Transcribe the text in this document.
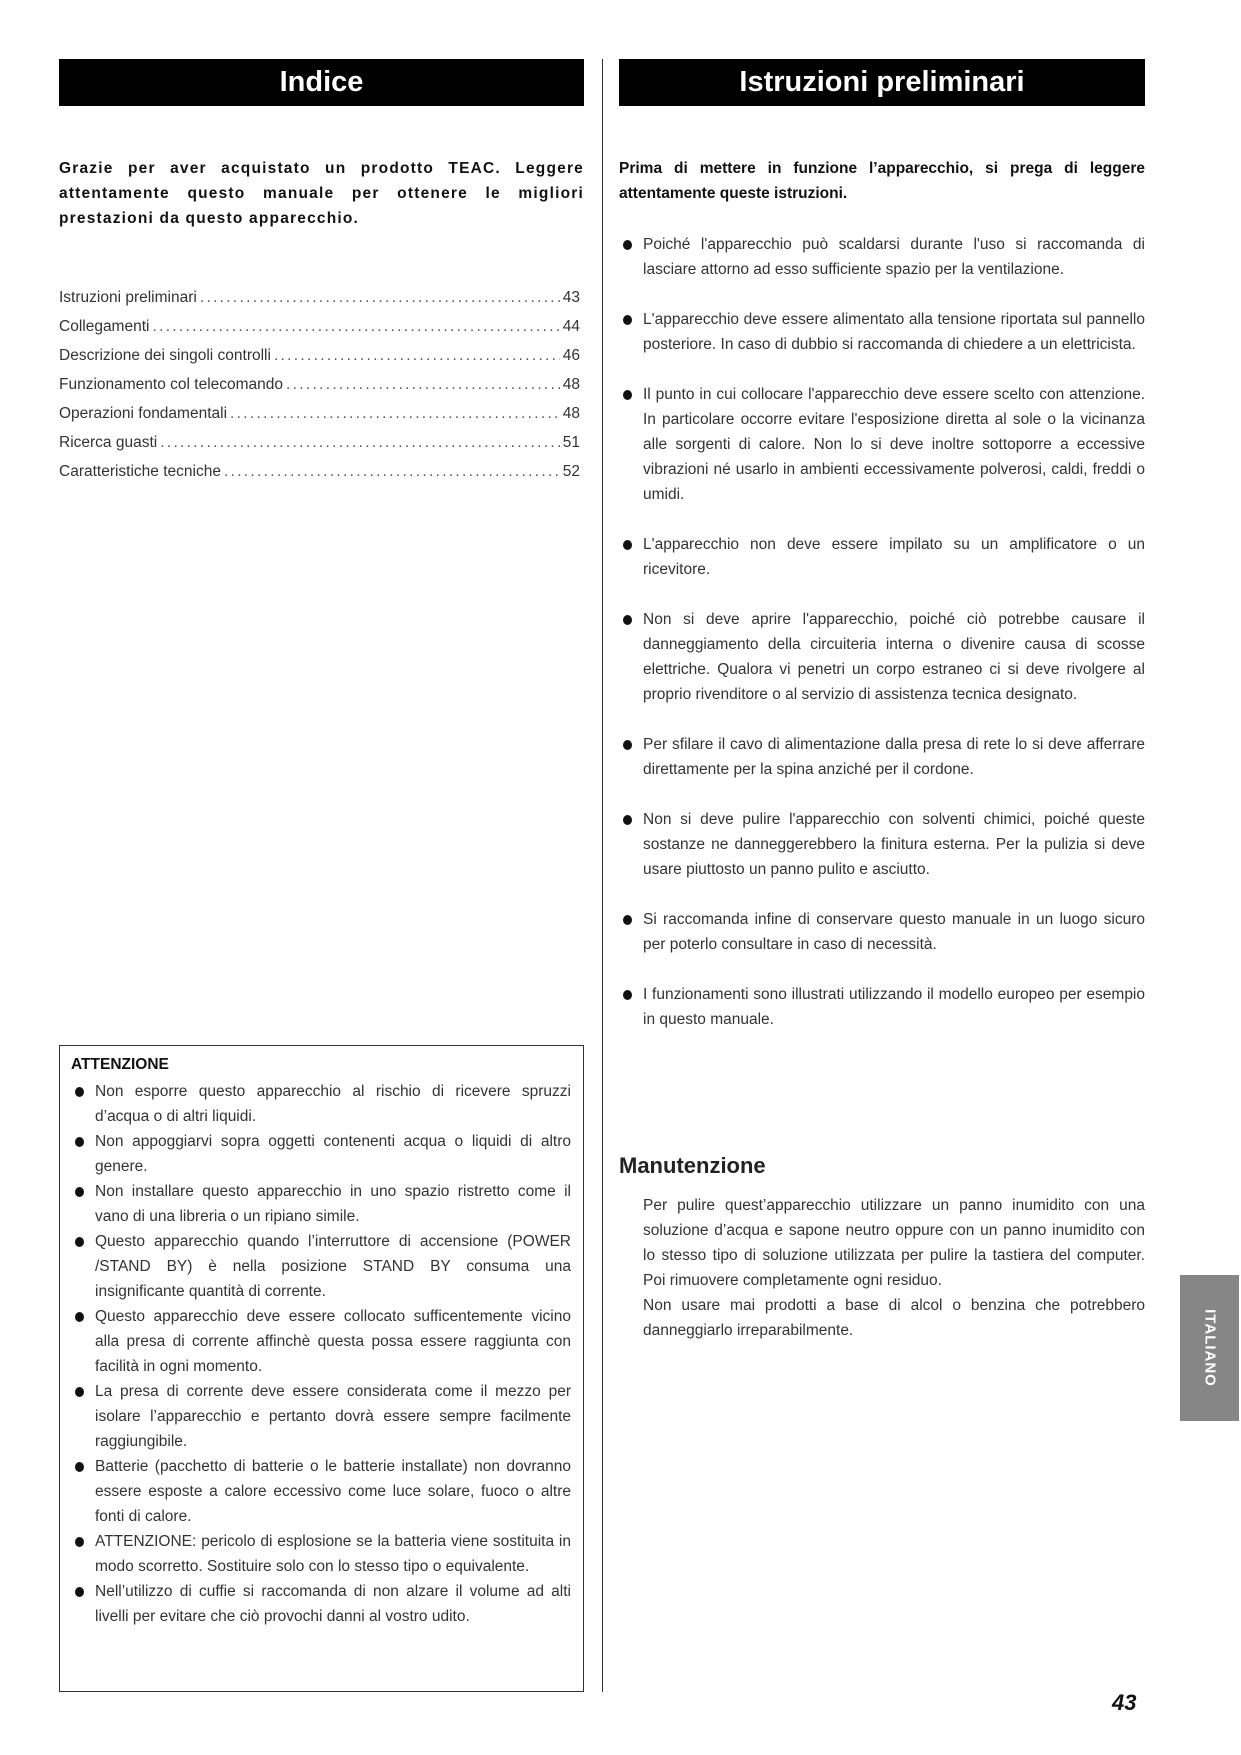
Indice	Istruzioni preliminari
Grazie per aver acquistato un prodotto TEAC. Leggere attentamente questo manuale per ottenere le migliori prestazioni da questo apparecchio.
Prima di mettere in funzione l’apparecchio, si prega di leggere attentamente queste istruzioni.
Istruzioni preliminari . . .	43
Collegamenti . . .	44
Descrizione dei singoli controlli . . .	46
Funzionamento col telecomando . . .	48
Operazioni fondamentali . . .	48
Ricerca guasti . . .	51
Caratteristiche tecniche . . .	52
Poiché l'apparecchio può scaldarsi durante l'uso si raccomanda di lasciare attorno ad esso sufficiente spazio per la ventilazione.
L'apparecchio deve essere alimentato alla tensione riportata sul pannello posteriore. In caso di dubbio si raccomanda di chiedere a un elettricista.
Il punto in cui collocare l'apparecchio deve essere scelto con attenzione. In particolare occorre evitare l'esposizione diretta al sole o la vicinanza alle sorgenti di calore. Non lo si deve inoltre sottoporre a eccessive vibrazioni né usarlo in ambienti eccessivamente polverosi, caldi, freddi o umidi.
L'apparecchio non deve essere impilato su un amplificatore o un ricevitore.
Non si deve aprire l'apparecchio, poiché ciò potrebbe causare il danneggiamento della circuiteria interna o divenire causa di scosse elettriche. Qualora vi penetri un corpo estraneo ci si deve rivolgere al proprio rivenditore o al servizio di assistenza tecnica designato.
Per sfilare il cavo di alimentazione dalla presa di rete lo si deve afferrare direttamente per la spina anziché per il cordone.
Non si deve pulire l'apparecchio con solventi chimici, poiché queste sostanze ne danneggerebbero la finitura esterna. Per la pulizia si deve usare piuttosto un panno pulito e asciutto.
Si raccomanda infine di conservare questo manuale in un luogo sicuro per poterlo consultare in caso di necessità.
I funzionamenti sono illustrati utilizzando il modello europeo per esempio in questo manuale.
Manutenzione

Per pulire quest’apparecchio utilizzare un panno inumidito con una soluzione d’acqua e sapone neutro oppure con un panno inumidito con lo stesso tipo di soluzione utilizzata per pulire la tastiera del computer. Poi rimuovere completamente ogni residuo.

Non usare mai prodotti a base di alcol o benzina che potrebbero danneggiarlo irreparabilmente.

ATTENZIONE
Non esporre questo apparecchio al rischio di ricevere spruzzi d’acqua o di altri liquidi.
Non appoggiarvi sopra oggetti contenenti acqua o liquidi di altro genere.
Non installare questo apparecchio in uno spazio ristretto come il vano di una libreria o un ripiano simile.
Questo apparecchio quando l’interruttore di accensione (POWER /STAND BY) è nella posizione STAND BY consuma una insignificante quantità di corrente.
Questo apparecchio deve essere collocato sufficentemente vicino alla presa di corrente affinchè questa possa essere raggiunta con facilità in ogni momento.
La presa di corrente deve essere considerata come il mezzo per isolare l’apparecchio e pertanto dovrà essere sempre facilmente raggiungibile.
Batterie (pacchetto di batterie o le batterie installate) non dovranno essere esposte a calore eccessivo come luce solare, fuoco o altre fonti di calore.
ATTENZIONE: pericolo di esplosione se la batteria viene sostituita in modo scorretto. Sostituire solo con lo stesso tipo o equivalente.
Nell’utilizzo di cuffie si raccomanda di non alzare il volume ad alti livelli per evitare che ciò provochi danni al vostro udito.
ITALIANO
43
